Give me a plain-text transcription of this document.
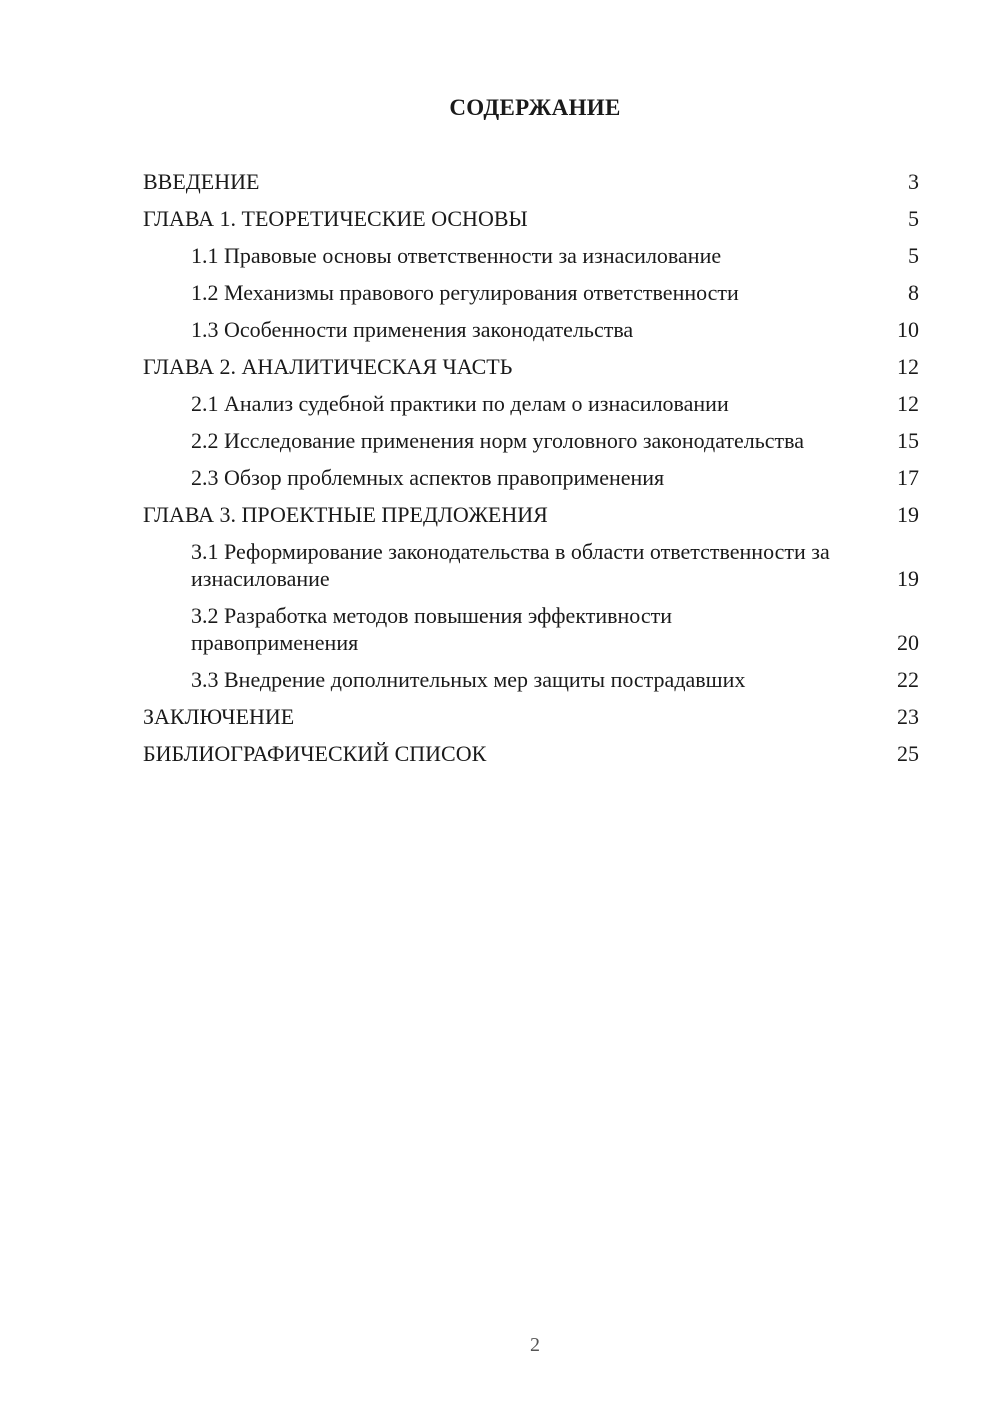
СОДЕРЖАНИЕ
ВВЕДЕНИЕ	3
ГЛАВА 1. ТЕОРЕТИЧЕСКИЕ ОСНОВЫ	5
1.1 Правовые основы ответственности за изнасилование	5
1.2 Механизмы правового регулирования ответственности	8
1.3 Особенности применения законодательства	10
ГЛАВА 2. АНАЛИТИЧЕСКАЯ ЧАСТЬ	12
2.1 Анализ судебной практики по делам о изнасиловании	12
2.2 Исследование применения норм уголовного законодательства	15
2.3 Обзор проблемных аспектов правоприменения	17
ГЛАВА 3. ПРОЕКТНЫЕ ПРЕДЛОЖЕНИЯ	19
3.1 Реформирование законодательства в области ответственности за изнасилование	19
3.2 Разработка методов повышения эффективности правоприменения	20
3.3 Внедрение дополнительных мер защиты пострадавших	22
ЗАКЛЮЧЕНИЕ	23
БИБЛИОГРАФИЧЕСКИЙ СПИСОК	25
2
